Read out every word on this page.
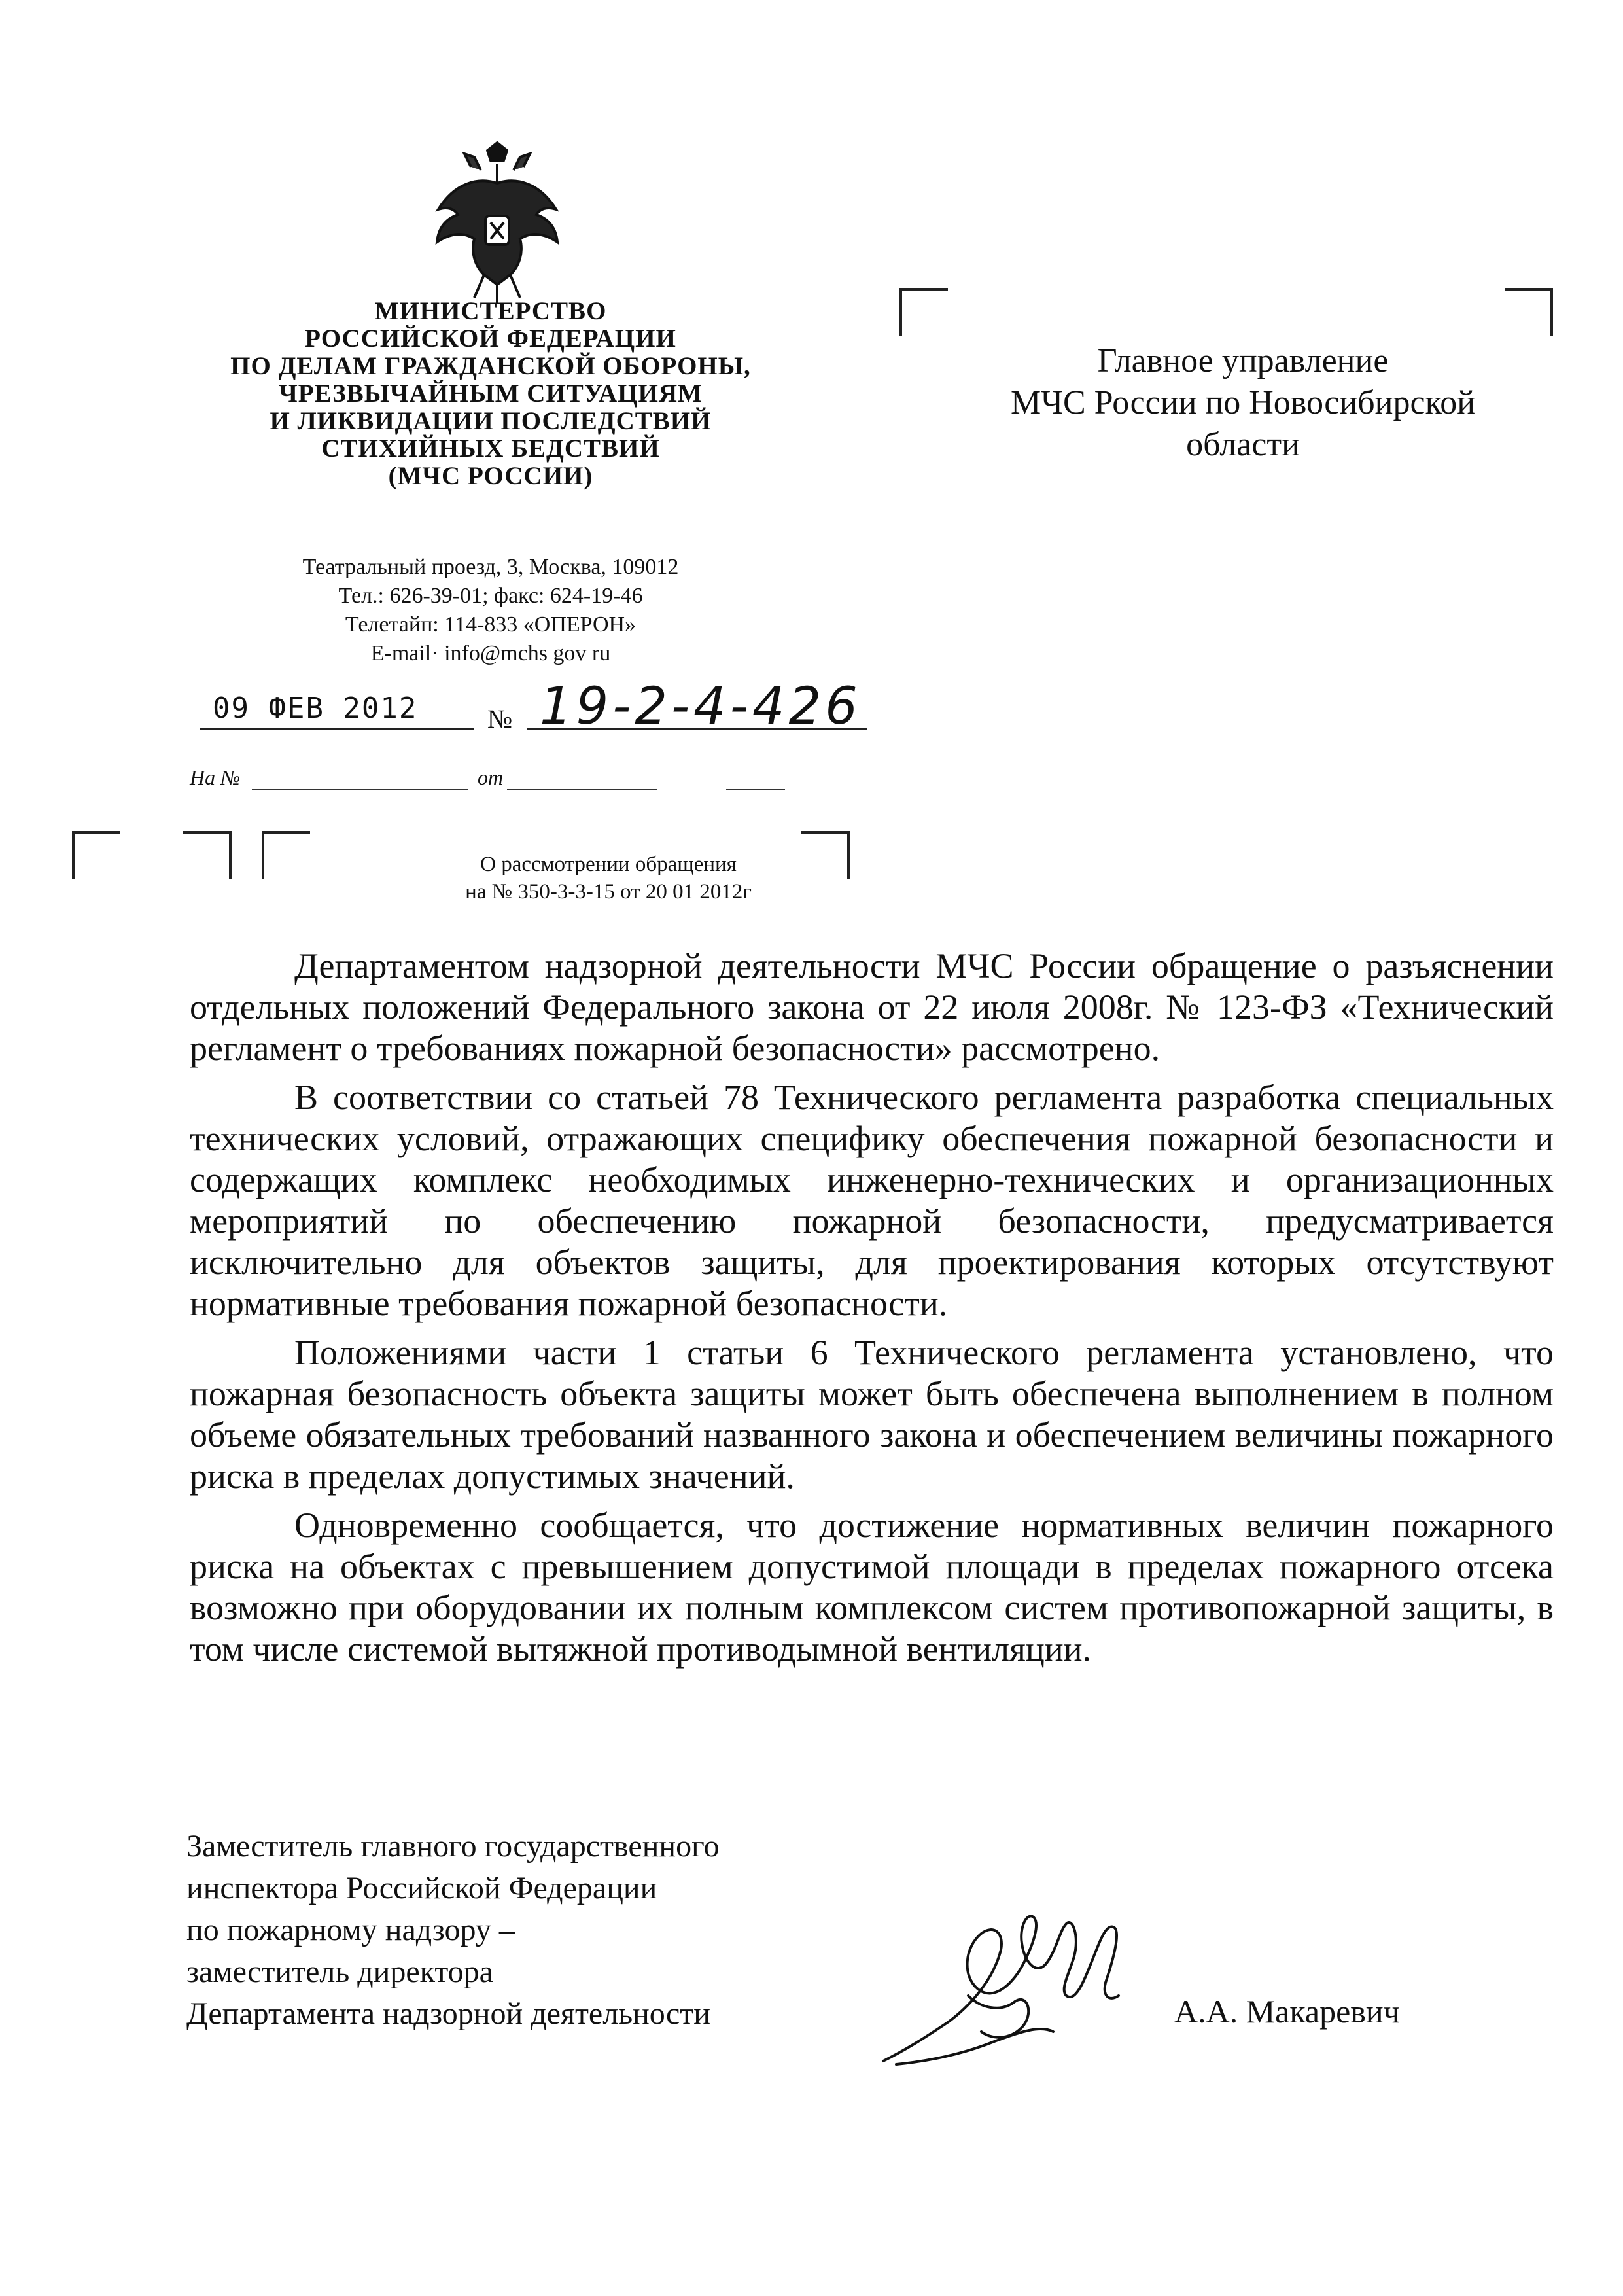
МИНИСТЕРСТВО
РОССИЙСКОЙ ФЕДЕРАЦИИ
ПО ДЕЛАМ ГРАЖДАНСКОЙ ОБОРОНЫ,
ЧРЕЗВЫЧАЙНЫМ СИТУАЦИЯМ
И ЛИКВИДАЦИИ ПОСЛЕДСТВИЙ
СТИХИЙНЫХ БЕДСТВИЙ
(МЧС РОССИИ)
Театральный проезд, 3, Москва, 109012
Тел.: 626-39-01; факс: 624-19-46
Телетайп: 114-833 «ОПЕРОН»
E-mail· info@mchs gov ru
09 ФЕВ 2012	№ 19-2-4-426
На №	от
Главное управление
МЧС России по Новосибирской
области
О рассмотрении обращения
на № 350-3-3-15 от 20 01 2012г

Департаментом надзорной деятельности МЧС России обращение о разъяснении отдельных положений Федерального закона от 22 июля 2008г. № 123-ФЗ «Технический регламент о требованиях пожарной безопасности» рассмотрено.

В соответствии со статьей 78 Технического регламента разработка специальных технических условий, отражающих специфику обеспечения пожарной безопасности и содержащих комплекс необходимых инженерно-технических и организационных мероприятий по обеспечению пожарной безопасности, предусматривается исключительно для объектов защиты, для проектирования которых отсутствуют нормативные требования пожарной безопасности.

Положениями части 1 статьи 6 Технического регламента установлено, что пожарная безопасность объекта защиты может быть обеспечена выполнением в полном объеме обязательных требований названного закона и обеспечением величины пожарного риска в пределах допустимых значений.

Одновременно сообщается, что достижение нормативных величин пожарного риска на объектах с превышением допустимой площади в пределах пожарного отсека возможно при оборудовании их полным комплексом систем противопожарной защиты, в том числе системой вытяжной противодымной вентиляции.

Заместитель главного государственного
инспектора Российской Федерации
по пожарному надзору –
заместитель директора
Департамента надзорной деятельности	А.А. Макаревич
